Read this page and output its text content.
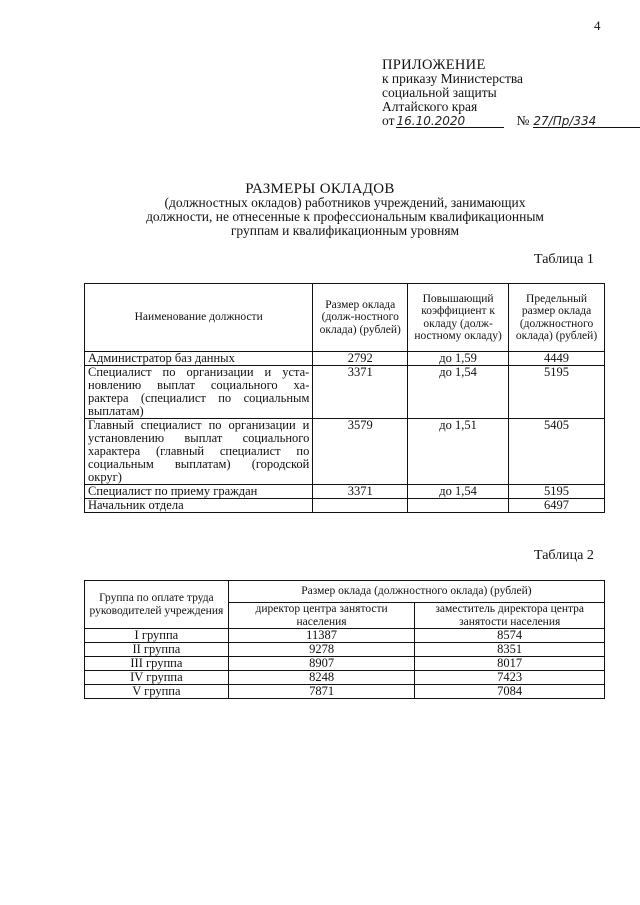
4
ПРИЛОЖЕНИЕ
к приказу Министерства
социальной защиты
Алтайского края
от 16.10.2020	№ 27/Пр/334
РАЗМЕРЫ ОКЛАДОВ
(должностных окладов) работников учреждений, занимающих
должности, не отнесенные к профессиональным квалификационным
группам и квалификационным уровням
Таблица 1
Наименование должности	Размер оклада (долж-ностного оклада) (рублей)	Повышающий коэффициент к окладу (долж-ностному окладу)	Предельный размер оклада (должностного оклада) (рублей)
Администратор баз данных	2792	до 1,59	4449
Специалист по организации и уста-новлению выплат социального ха-рактера (специалист по социальным выплатам)	3371	до 1,54	5195
Главный специалист по организации и установлению выплат социального характера (главный специалист по социальным выплатам) (городской округ)	3579	до 1,51	5405
Специалист по приему граждан	3371	до 1,54	5195
Начальник отдела			6497
Таблица 2
Группа по оплате труда руководителей учреждения	Размер оклада (должностного оклада) (рублей)	
	директор центра занятости населения	заместитель директора центра занятости населения
I группа	11387	8574
II группа	9278	8351
III группа	8907	8017
IV группа	8248	7423
V группа	7871	7084
